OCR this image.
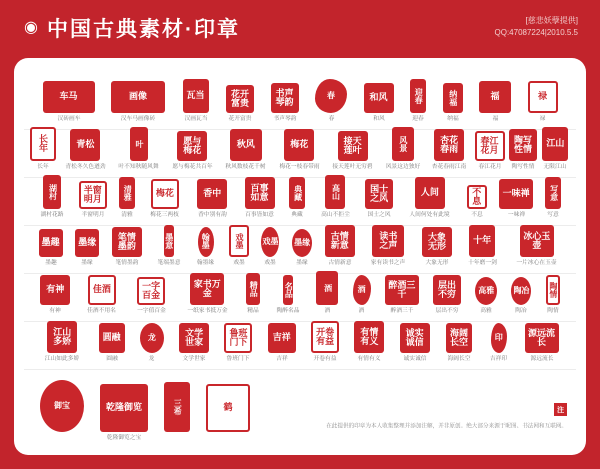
◉ 中国古典素材·印章	[慈悲妖孽提供]
QQ:47087224|2010.5.5
车马
汉砖画车
画像
汉车马画像砖
瓦当
汉画瓦当
花开富贵
花开富贵
书声琴韵
书声琴韵
春
春
和风
和风
迎春
迎春
纳福
纳福
福
福
禄
禄
长年
长年
青松
青松冬久色遒劲
叶
叶不知秋随风舞
愿与梅花
愿与梅花共百年
秋风
秋风数枝花千树
梅花
梅花一枝春带雨
接天莲叶
接天莲叶无穷碧
风景
风景这边独好
杏花春雨
杏花春雨江南
春江花月
春江花月
陶写性情
陶写性情
江山
无限江山
湖村
湖村花路
半窗明月
半窗明月
清雅
清雅
梅花
梅花三两枝
香中
香中别有韵
百事如意
百事皆如意
典藏
典藏
高山
高山不拒尘
国士之风
国士之风
人间
人间何处有此境
不息
不息
一味禅
一味禅
写意
写意
墨趣
墨趣
墨缘
墨缘
笔情墨韵
笔情墨韵
墨意
笔端墨意
翰墨
翰墨缘
戏墨
戏墨
戏墨
戏墨
墨缘
墨缘
古情新意
古情新意
读书之声
家有读书之声
大象无形
大象无形
十年
十年磨一剑
冰心玉壶
一片冰心在玉壶
有神
有神
佳酒
佳酒不用名
一字百金
一字值百金
家书万金
一纸家书抵万金
精品
精品
名品
陶醉名品
酒
酒
酒
酒
醉酒三千
醉酒三千
层出不穷
层出不穷
高雅
高雅
陶冶
陶冶
陶情
陶情
江山多娇
江山如此多娇
圆融
圆融
龙
龙
文学世家
文学世家
鲁班门下
鲁班门下
吉祥
吉祥
开卷有益
开卷有益
有情有义
有情有义
诚实诚信
诚实诚信
海阔长空
海阔长空
印
吉祥印
源远流长
源远流长
御宝	乾隆御览
乾隆御览之宝
三希	鹤	注
在此提供的印章为本人收集整理并添加注解，并非原创。绝大部分来源于昵图、书法网和互联网。
